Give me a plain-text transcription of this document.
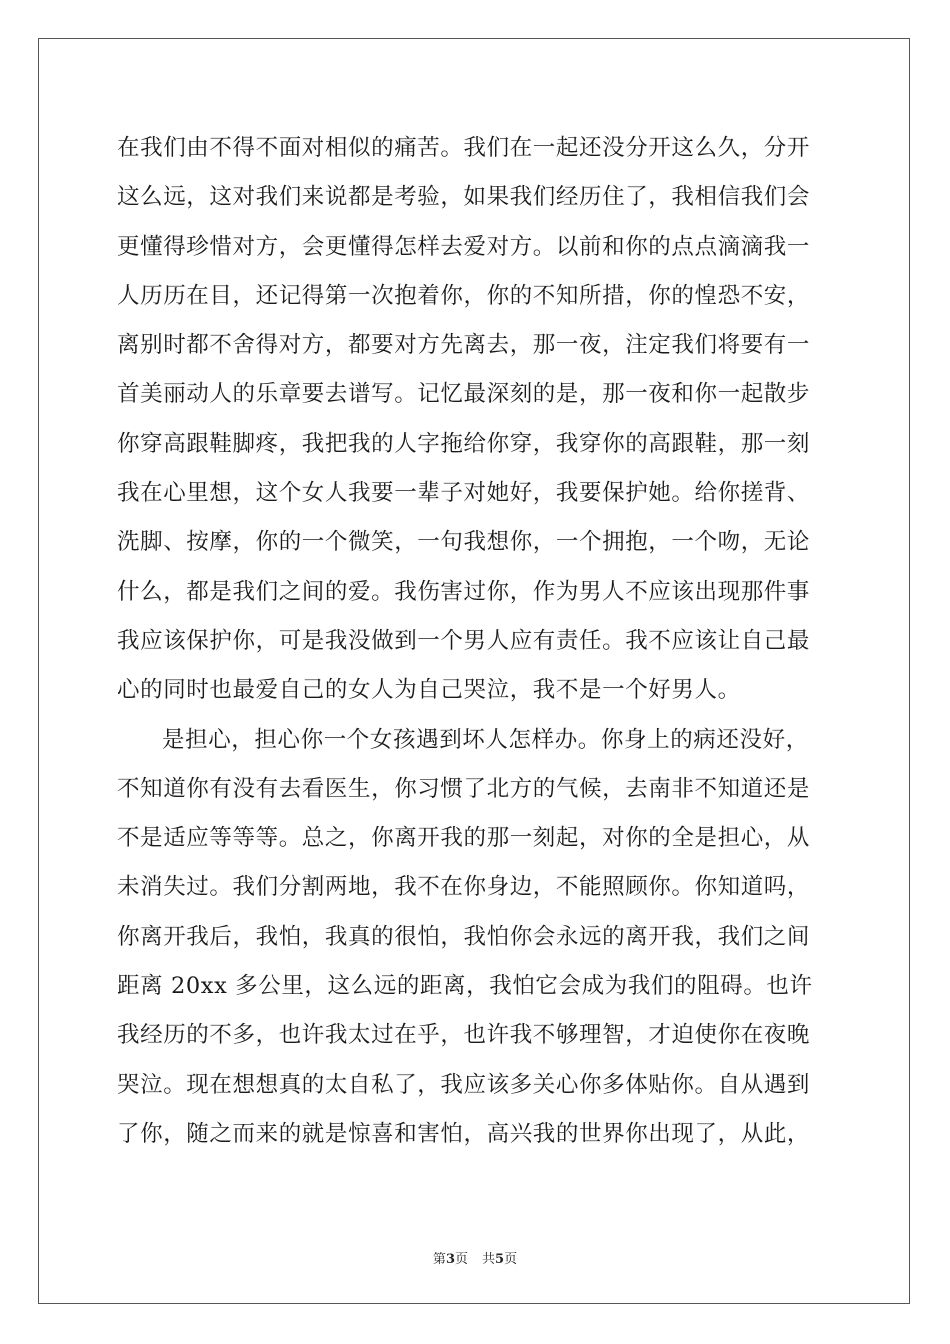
在我们由不得不面对相似的痛苦。我们在一起还没分开这么久，分开
这么远，这对我们来说都是考验，如果我们经历住了，我相信我们会
更懂得珍惜对方，会更懂得怎样去爱对方。以前和你的点点滴滴我一
人历历在目，还记得第一次抱着你，你的不知所措，你的惶恐不安，
离别时都不舍得对方，都要对方先离去，那一夜，注定我们将要有一
首美丽动人的乐章要去谱写。记忆最深刻的是，那一夜和你一起散步
你穿高跟鞋脚疼，我把我的人字拖给你穿，我穿你的高跟鞋，那一刻
我在心里想，这个女人我要一辈子对她好，我要保护她。给你搓背、
洗脚、按摩，你的一个微笑，一句我想你，一个拥抱，一个吻，无论
什么，都是我们之间的爱。我伤害过你，作为男人不应该出现那件事
我应该保护你，可是我没做到一个男人应有责任。我不应该让自己最
心的同时也最爱自己的女人为自己哭泣，我不是一个好男人。
是担心，担心你一个女孩遇到坏人怎样办。你身上的病还没好，
不知道你有没有去看医生，你习惯了北方的气候，去南非不知道还是
不是适应等等等。总之，你离开我的那一刻起，对你的全是担心，从
未消失过。我们分割两地，我不在你身边，不能照顾你。你知道吗，
你离开我后，我怕，我真的很怕，我怕你会永远的离开我，我们之间
距离 20xx 多公里，这么远的距离，我怕它会成为我们的阻碍。也许
我经历的不多，也许我太过在乎，也许我不够理智，才迫使你在夜晚
哭泣。现在想想真的太自私了，我应该多关心你多体贴你。自从遇到
了你，随之而来的就是惊喜和害怕，高兴我的世界你出现了，从此，
第3页 共5页
